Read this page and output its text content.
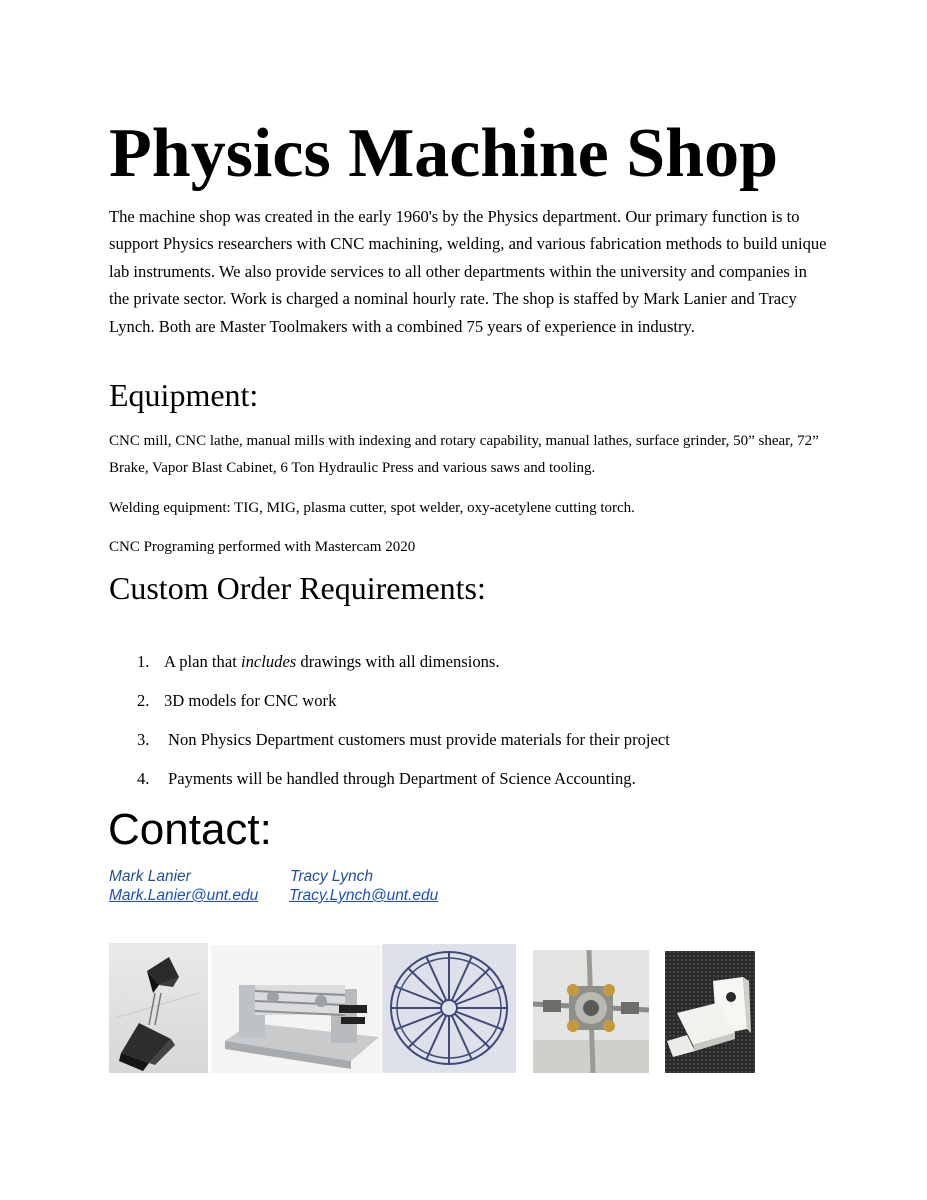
Physics Machine Shop
The machine shop was created in the early 1960's by the Physics department. Our primary function is to support Physics researchers with CNC machining, welding, and various fabrication methods to build unique lab instruments. We also provide services to all other departments within the university and companies in the private sector. Work is charged a nominal hourly rate. The shop is staffed by Mark Lanier and Tracy Lynch. Both are Master Toolmakers with a combined 75 years of experience in industry.
Equipment:
CNC mill, CNC lathe, manual mills with indexing and rotary capability, manual lathes, surface grinder, 50” shear, 72” Brake, Vapor Blast Cabinet, 6 Ton Hydraulic Press and various saws and tooling.
Welding equipment: TIG, MIG, plasma cutter, spot welder, oxy-acetylene cutting torch.
CNC Programing performed with Mastercam 2020
Custom Order Requirements:
1. A plan that includes drawings with all dimensions.
2. 3D models for CNC work
3. Non Physics Department customers must provide materials for their project
4. Payments will be handled through Department of Science Accounting.
Contact:
Mark Lanier
Mark.Lanier@unt.edu
Tracy Lynch
Tracy.Lynch@unt.edu
